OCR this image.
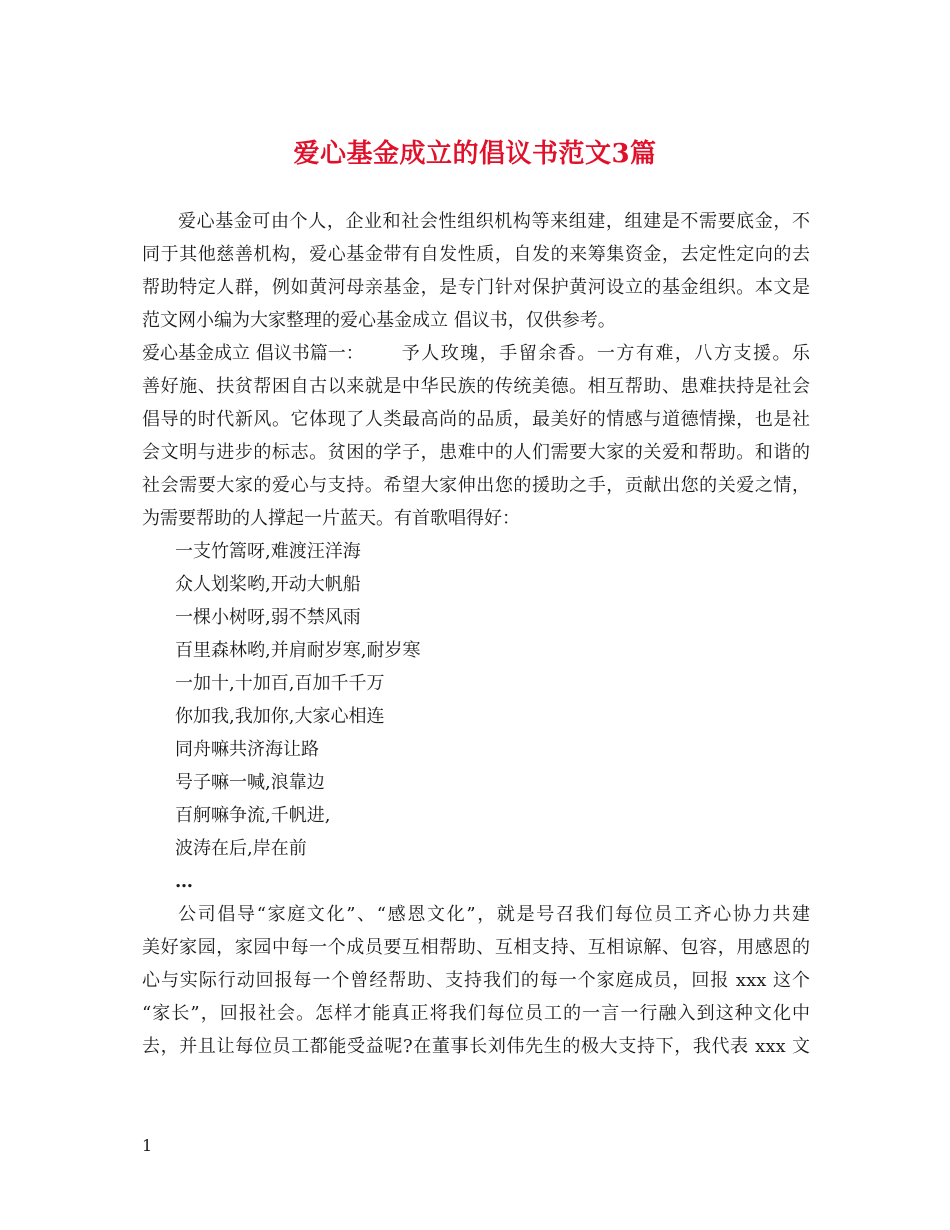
爱心基金成立的倡议书范文3篇
爱心基金可由个人，企业和社会性组织机构等来组建，组建是不需要底金，不
同于其他慈善机构，爱心基金带有自发性质，自发的来筹集资金，去定性定向的去
帮助特定人群，例如黄河母亲基金，是专门针对保护黄河设立的基金组织。本文是
范文网小编为大家整理的爱心基金成立 倡议书，仅供参考。
爱心基金成立 倡议书篇一：	予人玫瑰，手留余香。一方有难，八方支援。乐
善好施、扶贫帮困自古以来就是中华民族的传统美德。相互帮助、患难扶持是社会
倡导的时代新风。它体现了人类最高尚的品质，最美好的情感与道德情操，也是社
会文明与进步的标志。贫困的学子，患难中的人们需要大家的关爱和帮助。和谐的
社会需要大家的爱心与支持。希望大家伸出您的援助之手，贡献出您的关爱之情，
为需要帮助的人撑起一片蓝天。有首歌唱得好：
一支竹篙呀,难渡汪洋海
众人划桨哟,开动大帆船
一棵小树呀,弱不禁风雨
百里森林哟,并肩耐岁寒,耐岁寒
一加十,十加百,百加千千万
你加我,我加你,大家心相连
同舟嘛共济海让路
号子嘛一喊,浪靠边
百舸嘛争流,千帆进,
波涛在后,岸在前
…
公司倡导“家庭文化”、“感恩文化”，就是号召我们每位员工齐心协力共建
美好家园，家园中每一个成员要互相帮助、互相支持、互相谅解、包容，用感恩的
心与实际行动回报每一个曾经帮助、支持我们的每一个家庭成员，回报 xxx 这个
“家长”，回报社会。怎样才能真正将我们每位员工的一言一行融入到这种文化中
去，并且让每位员工都能受益呢?在董事长刘伟先生的极大支持下，我代表 xxx 文
1
